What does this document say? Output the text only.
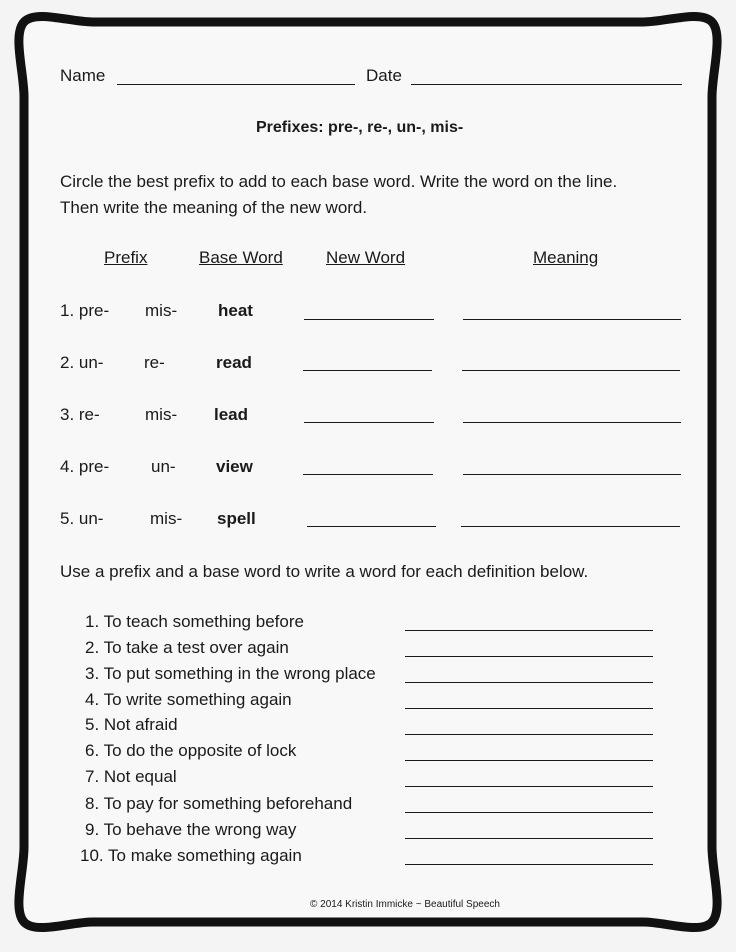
Name	Date
Prefixes: pre-, re-, un-, mis-
Circle the best prefix to add to each base word. Write the word on the line.
Then write the meaning of the new word.
Prefix	Base Word	New Word	Meaning
1. pre- mis- heat
2. un- re-	read
3. re-	mis- lead
4. pre- un- view
5. un-	mis- spell
Use a prefix and a base word to write a word for each definition below.
1. To teach something before
2. To take a test over again
3. To put something in the wrong place
4. To write something again
5. Not afraid
6. To do the opposite of lock
7. Not equal
8. To pay for something beforehand
9. To behave the wrong way
10. To make something again
© 2014 Kristin Immicke ~ Beautiful Speech
